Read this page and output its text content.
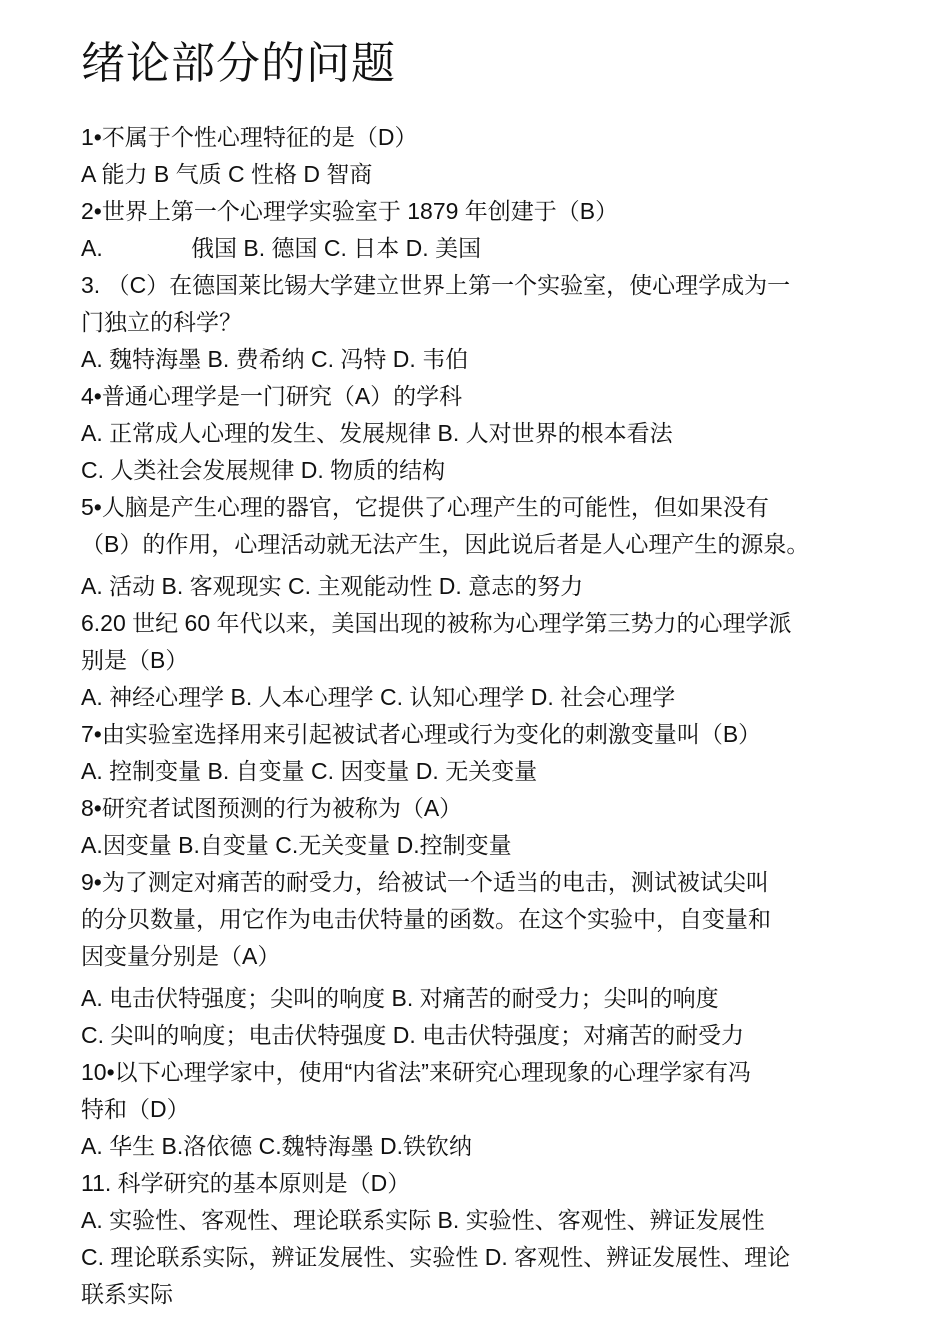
绪论部分的问题
1•不属于个性心理特征的是（D）
A 能力 B 气质 C 性格 D 智商
2•世界上第一个心理学实验室于 1879 年创建于（B）
A.	俄国 B. 德国 C. 日本 D. 美国
3. （C）在德国莱比锡大学建立世界上第一个实验室，使心理学成为一
门独立的科学？
A. 魏特海墨 B. 费希纳 C. 冯特 D. 韦伯
4•普通心理学是一门研究（A）的学科
A. 正常成人心理的发生、发展规律 B. 人对世界的根本看法
C. 人类社会发展规律 D. 物质的结构
5•人脑是产生心理的器官，它提供了心理产生的可能性，但如果没有
（B）的作用，心理活动就无法产生，因此说后者是人心理产生的源泉。
A. 活动 B. 客观现实 C. 主观能动性 D. 意志的努力
6.20 世纪 60 年代以来，美国出现的被称为心理学第三势力的心理学派
别是（B）
A. 神经心理学 B. 人本心理学 C. 认知心理学 D. 社会心理学
7•由实验室选择用来引起被试者心理或行为变化的刺激变量叫（B）
A. 控制变量 B. 自变量 C. 因变量 D. 无关变量
8•研究者试图预测的行为被称为（A）
A.因变量 B.自变量 C.无关变量 D.控制变量
9•为了测定对痛苦的耐受力，给被试一个适当的电击，测试被试尖叫
的分贝数量，用它作为电击伏特量的函数。在这个实验中，自变量和
因变量分别是（A）
A. 电击伏特强度；尖叫的响度 B. 对痛苦的耐受力；尖叫的响度
C. 尖叫的响度；电击伏特强度 D. 电击伏特强度；对痛苦的耐受力
10•以下心理学家中，使用“内省法”来研究心理现象的心理学家有冯
特和（D）
A. 华生 B.洛依德 C.魏特海墨 D.铁钦纳
11. 科学研究的基本原则是（D）
A. 实验性、客观性、理论联系实际 B. 实验性、客观性、辨证发展性
C. 理论联系实际，辨证发展性、实验性 D. 客观性、辨证发展性、理论
联系实际
